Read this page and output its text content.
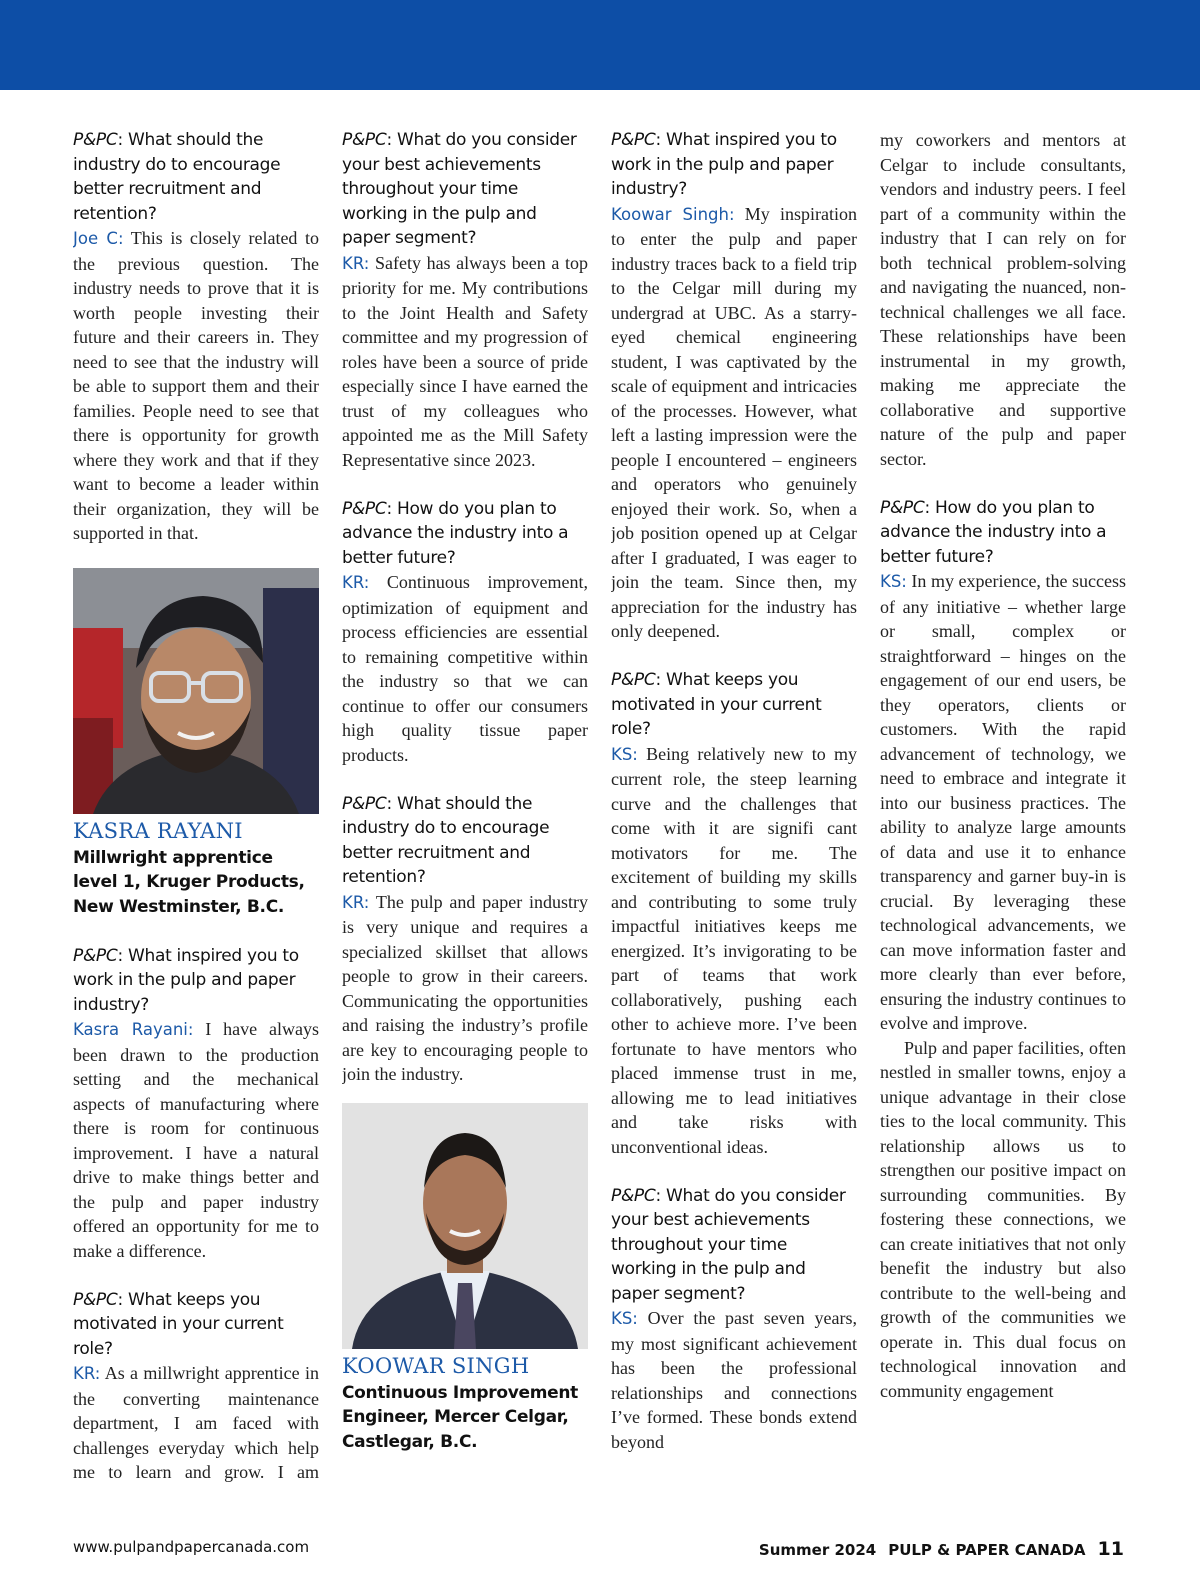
P&PC: What should the industry do to encourage better recruitment and retention?

Joe C: This is closely related to the previous question. The industry needs to prove that it is worth people investing their future and their careers in. They need to see that the industry will be able to support them and their families. People need to see that there is opportunity for growth where they work and that if they want to become a leader within their organization, they will be supported in that.

KASRA RAYANI

Millwright apprentice level 1, Kruger Products, New Westminster, B.C.

P&PC: What inspired you to work in the pulp and paper industry?

Kasra Rayani: I have always been drawn to the production setting and the mechanical aspects of manufacturing where there is room for continuous improvement. I have a natural drive to make things better and the pulp and paper industry offered an opportunity for me to make a difference.

P&PC: What keeps you motivated in your current role?

KR: As a millwright apprentice in the converting maintenance department, I am faced with challenges everyday which help me to learn and grow. I am

P&PC: What do you consider your best achievements throughout your time working in the pulp and paper segment?

KR: Safety has always been a top priority for me. My contributions to the Joint Health and Safety committee and my progression of roles have been a source of pride especially since I have earned the trust of my colleagues who appointed me as the Mill Safety Representative since 2023.

P&PC: How do you plan to advance the industry into a better future?

KR: Continuous improvement, optimization of equipment and process efficiencies are essential to remaining competitive within the industry so that we can continue to offer our consumers high quality tissue paper products.

P&PC: What should the industry do to encourage better recruitment and retention?

KR: The pulp and paper industry is very unique and requires a specialized skillset that allows people to grow in their careers. Communicating the opportunities and raising the industry’s profile are key to encouraging people to join the industry.

KOOWAR SINGH

Continuous Improvement Engineer, Mercer Celgar, Castlegar, B.C.

P&PC: What inspired you to work in the pulp and paper industry?

Koowar Singh: My inspiration to enter the pulp and paper industry traces back to a field trip to the Celgar mill during my undergrad at UBC. As a starry-eyed chemical engineering student, I was captivated by the scale of equipment and intricacies of the processes. However, what left a lasting impression were the people I encountered – engineers and operators who genuinely enjoyed their work. So, when a job position opened up at Celgar after I graduated, I was eager to join the team. Since then, my appreciation for the industry has only deepened.

P&PC: What keeps you motivated in your current role?

KS: Being relatively new to my current role, the steep learning curve and the challenges that come with it are signifi cant motivators for me. The excitement of building my skills and contributing to some truly impactful initiatives keeps me energized. It’s invigorating to be part of teams that work collaboratively, pushing each other to achieve more. I’ve been fortunate to have mentors who placed immense trust in me, allowing me to lead initiatives and take risks with unconventional ideas.

P&PC: What do you consider your best achievements throughout your time working in the pulp and paper segment?

KS: Over the past seven years, my most significant achievement has been the professional relationships and connections I’ve formed. These bonds extend beyond

my coworkers and mentors at Celgar to include consultants, vendors and industry peers. I feel part of a community within the industry that I can rely on for both technical problem-solving and navigating the nuanced, non-technical challenges we all face. These relationships have been instrumental in my growth, making me appreciate the collaborative and supportive nature of the pulp and paper sector.

P&PC: How do you plan to advance the industry into a better future?

KS: In my experience, the success of any initiative – whether large or small, complex or straightforward – hinges on the engagement of our end users, be they operators, clients or customers. With the rapid advancement of technology, we need to embrace and integrate it into our business practices. The ability to analyze large amounts of data and use it to enhance transparency and garner buy-in is crucial. By leveraging these technological advancements, we can move information faster and more clearly than ever before, ensuring the industry continues to evolve and improve.

Pulp and paper facilities, often nestled in smaller towns, enjoy a unique advantage in their close ties to the local community. This relationship allows us to strengthen our positive impact on surrounding communities. By fostering these connections, we can create initiatives that not only benefit the industry but also contribute to the well-being and growth of the communities we operate in. This dual focus on technological innovation and community engagement

www.pulpandpapercanada.com	Summer 2024 PULP & PAPER CANADA 11
